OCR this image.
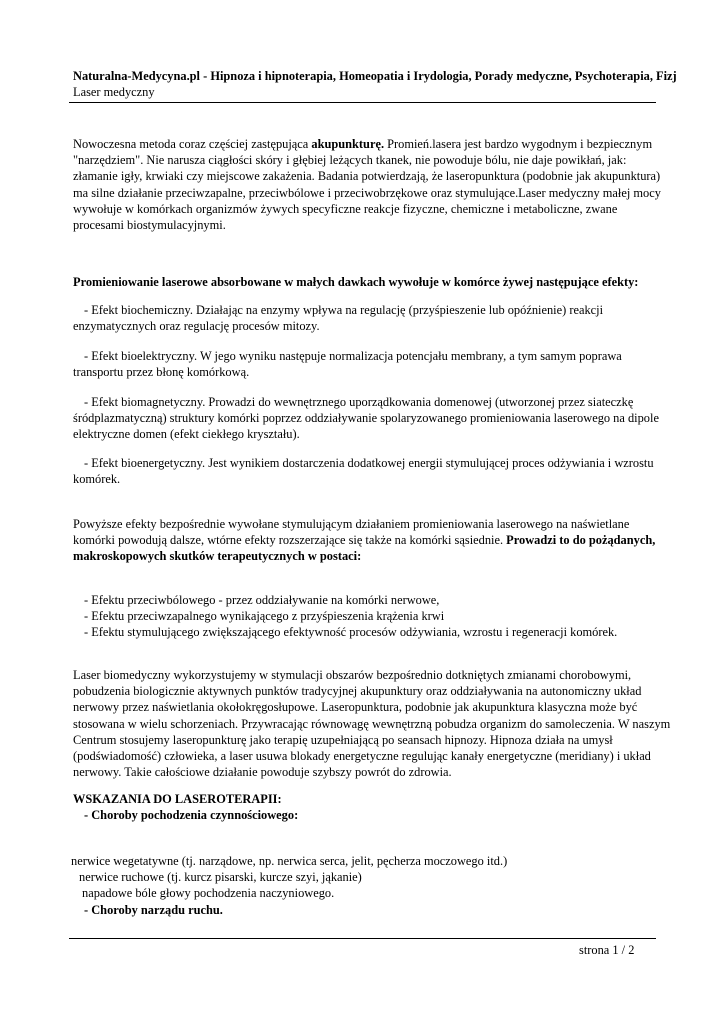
Naturalna-Medycyna.pl - Hipnoza i hipnoterapia, Homeopatia i Irydologia, Porady medyczne, Psychoterapia, Fizj
Laser medyczny
Nowoczesna metoda coraz częściej zastępująca akupunkturę. Promień.lasera jest bardzo wygodnym i bezpiecznym
"narzędziem". Nie narusza ciągłości skóry i głębiej leżących tkanek, nie powoduje bólu, nie daje powikłań, jak:
złamanie igły, krwiaki czy miejscowe zakażenia. Badania potwierdzają, że laseropunktura (podobnie jak akupunktura)
ma silne działanie przeciwzapalne, przeciwbólowe i przeciwobrzękowe oraz stymulujące.Laser medyczny małej mocy
wywołuje w komórkach organizmów żywych specyficzne reakcje fizyczne, chemiczne i metaboliczne, zwane
procesami biostymulacyjnymi.
Promieniowanie laserowe absorbowane w małych dawkach wywołuje w komórce żywej następujące efekty:
- Efekt biochemiczny. Działając na enzymy wpływa na regulację (przyśpieszenie lub opóźnienie) reakcji
enzymatycznych oraz regulację procesów mitozy.
- Efekt bioelektryczny. W jego wyniku następuje normalizacja potencjału membrany, a tym samym poprawa
transportu przez błonę komórkową.
- Efekt biomagnetyczny. Prowadzi do wewnętrznego uporządkowania domenowej (utworzonej przez siateczkę
śródplazmatyczną) struktury komórki poprzez oddziaływanie spolaryzowanego promieniowania laserowego na dipole
elektryczne domen (efekt ciekłego kryształu).
- Efekt bioenergetyczny. Jest wynikiem dostarczenia dodatkowej energii stymulującej proces odżywiania i wzrostu
komórek.
Powyższe efekty bezpośrednie wywołane stymulującym działaniem promieniowania laserowego na naświetlane
komórki powodują dalsze, wtórne efekty rozszerzające się także na komórki sąsiednie. Prowadzi to do pożądanych,
makroskopowych skutków terapeutycznych w postaci:
- Efektu przeciwbólowego - przez oddziaływanie na komórki nerwowe,
- Efektu przeciwzapalnego wynikającego z przyśpieszenia krążenia krwi
- Efektu stymulującego zwiększającego efektywność procesów odżywiania, wzrostu i regeneracji komórek.
Laser biomedyczny wykorzystujemy w stymulacji obszarów bezpośrednio dotkniętych zmianami chorobowymi,
pobudzenia biologicznie aktywnych punktów tradycyjnej akupunktury oraz oddziaływania na autonomiczny układ
nerwowy przez naświetlania okołokręgosłupowe. Laseropunktura, podobnie jak akupunktura klasyczna może być
stosowana w wielu schorzeniach. Przywracając równowagę wewnętrzną pobudza organizm do samoleczenia. W naszym
Centrum stosujemy laseropunkturę jako terapię uzupełniającą po seansach hipnozy. Hipnoza działa na umysł
(podświadomość) człowieka, a laser usuwa blokady energetyczne regulując kanały energetyczne (meridiany) i układ
nerwowy. Takie całościowe działanie powoduje szybszy powrót do zdrowia.
WSKAZANIA DO LASEROTERAPII:
- Choroby pochodzenia czynnościowego:
nerwice wegetatywne (tj. narządowe, np. nerwica serca, jelit, pęcherza moczowego itd.)
nerwice ruchowe (tj. kurcz pisarski, kurcze szyi, jąkanie)
napadowe bóle głowy pochodzenia naczyniowego.
- Choroby narządu ruchu.
strona 1 / 2
